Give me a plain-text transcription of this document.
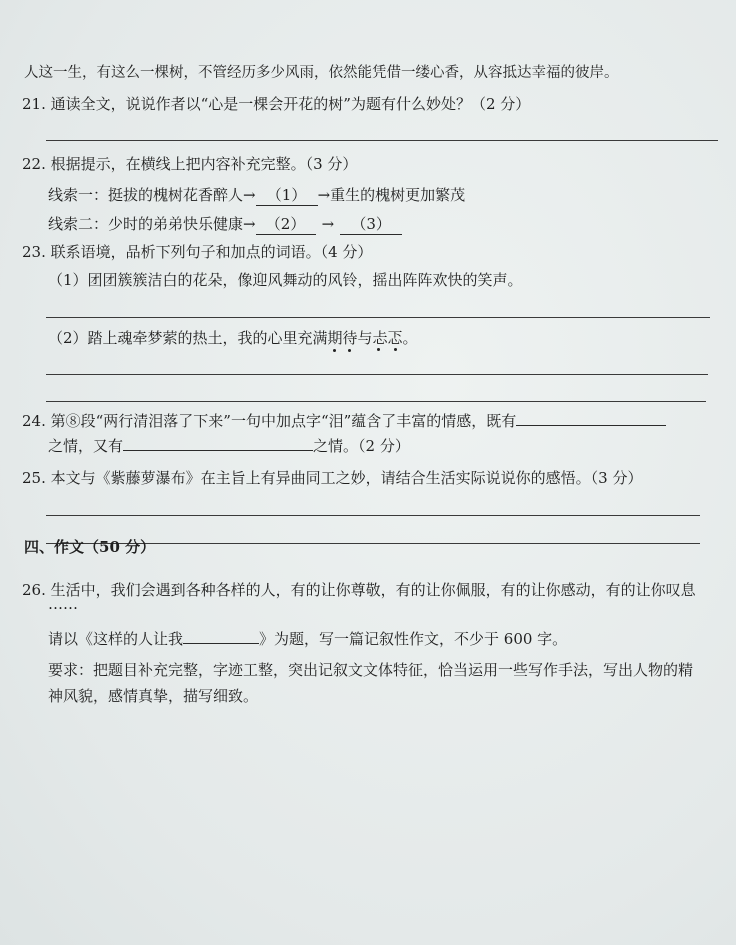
人这一生，有这么一棵树，不管经历多少风雨，依然能凭借一缕心香，从容抵达幸福的彼岸。
21. 通读全文，说说作者以“心是一棵会开花的树”为题有什么妙处？（2 分）
22. 根据提示，在横线上把内容补充完整。（3 分）
线索一：挺拔的槐树花香醉人→ （1） →重生的槐树更加繁茂
线索二：少时的弟弟快乐健康→ （2） → （3）
23. 联系语境，品析下列句子和加点的词语。（4 分）
（1）团团簇簇洁白的花朵，像迎风舞动的风铃，摇出阵阵欢快的笑声。
（2）踏上魂牵梦萦的热土，我的心里充满期待与忐忑。
24. 第⑧段“两行清泪落了下来”一句中加点字“泪”蕴含了丰富的情感，既有
之情，又有	之情。（2 分）
25. 本文与《紫藤萝瀑布》在主旨上有异曲同工之妙，请结合生活实际说说你的感悟。（3 分）
四、作文（50 分）
26. 生活中，我们会遇到各种各样的人，有的让你尊敬，有的让你佩服，有的让你感动，有的让你叹息
……
请以《这样的人让我	》为题，写一篇记叙性作文，不少于 600 字。
要求：把题目补充完整，字迹工整，突出记叙文文体特征，恰当运用一些写作手法，写出人物的精
神风貌，感情真挚，描写细致。
